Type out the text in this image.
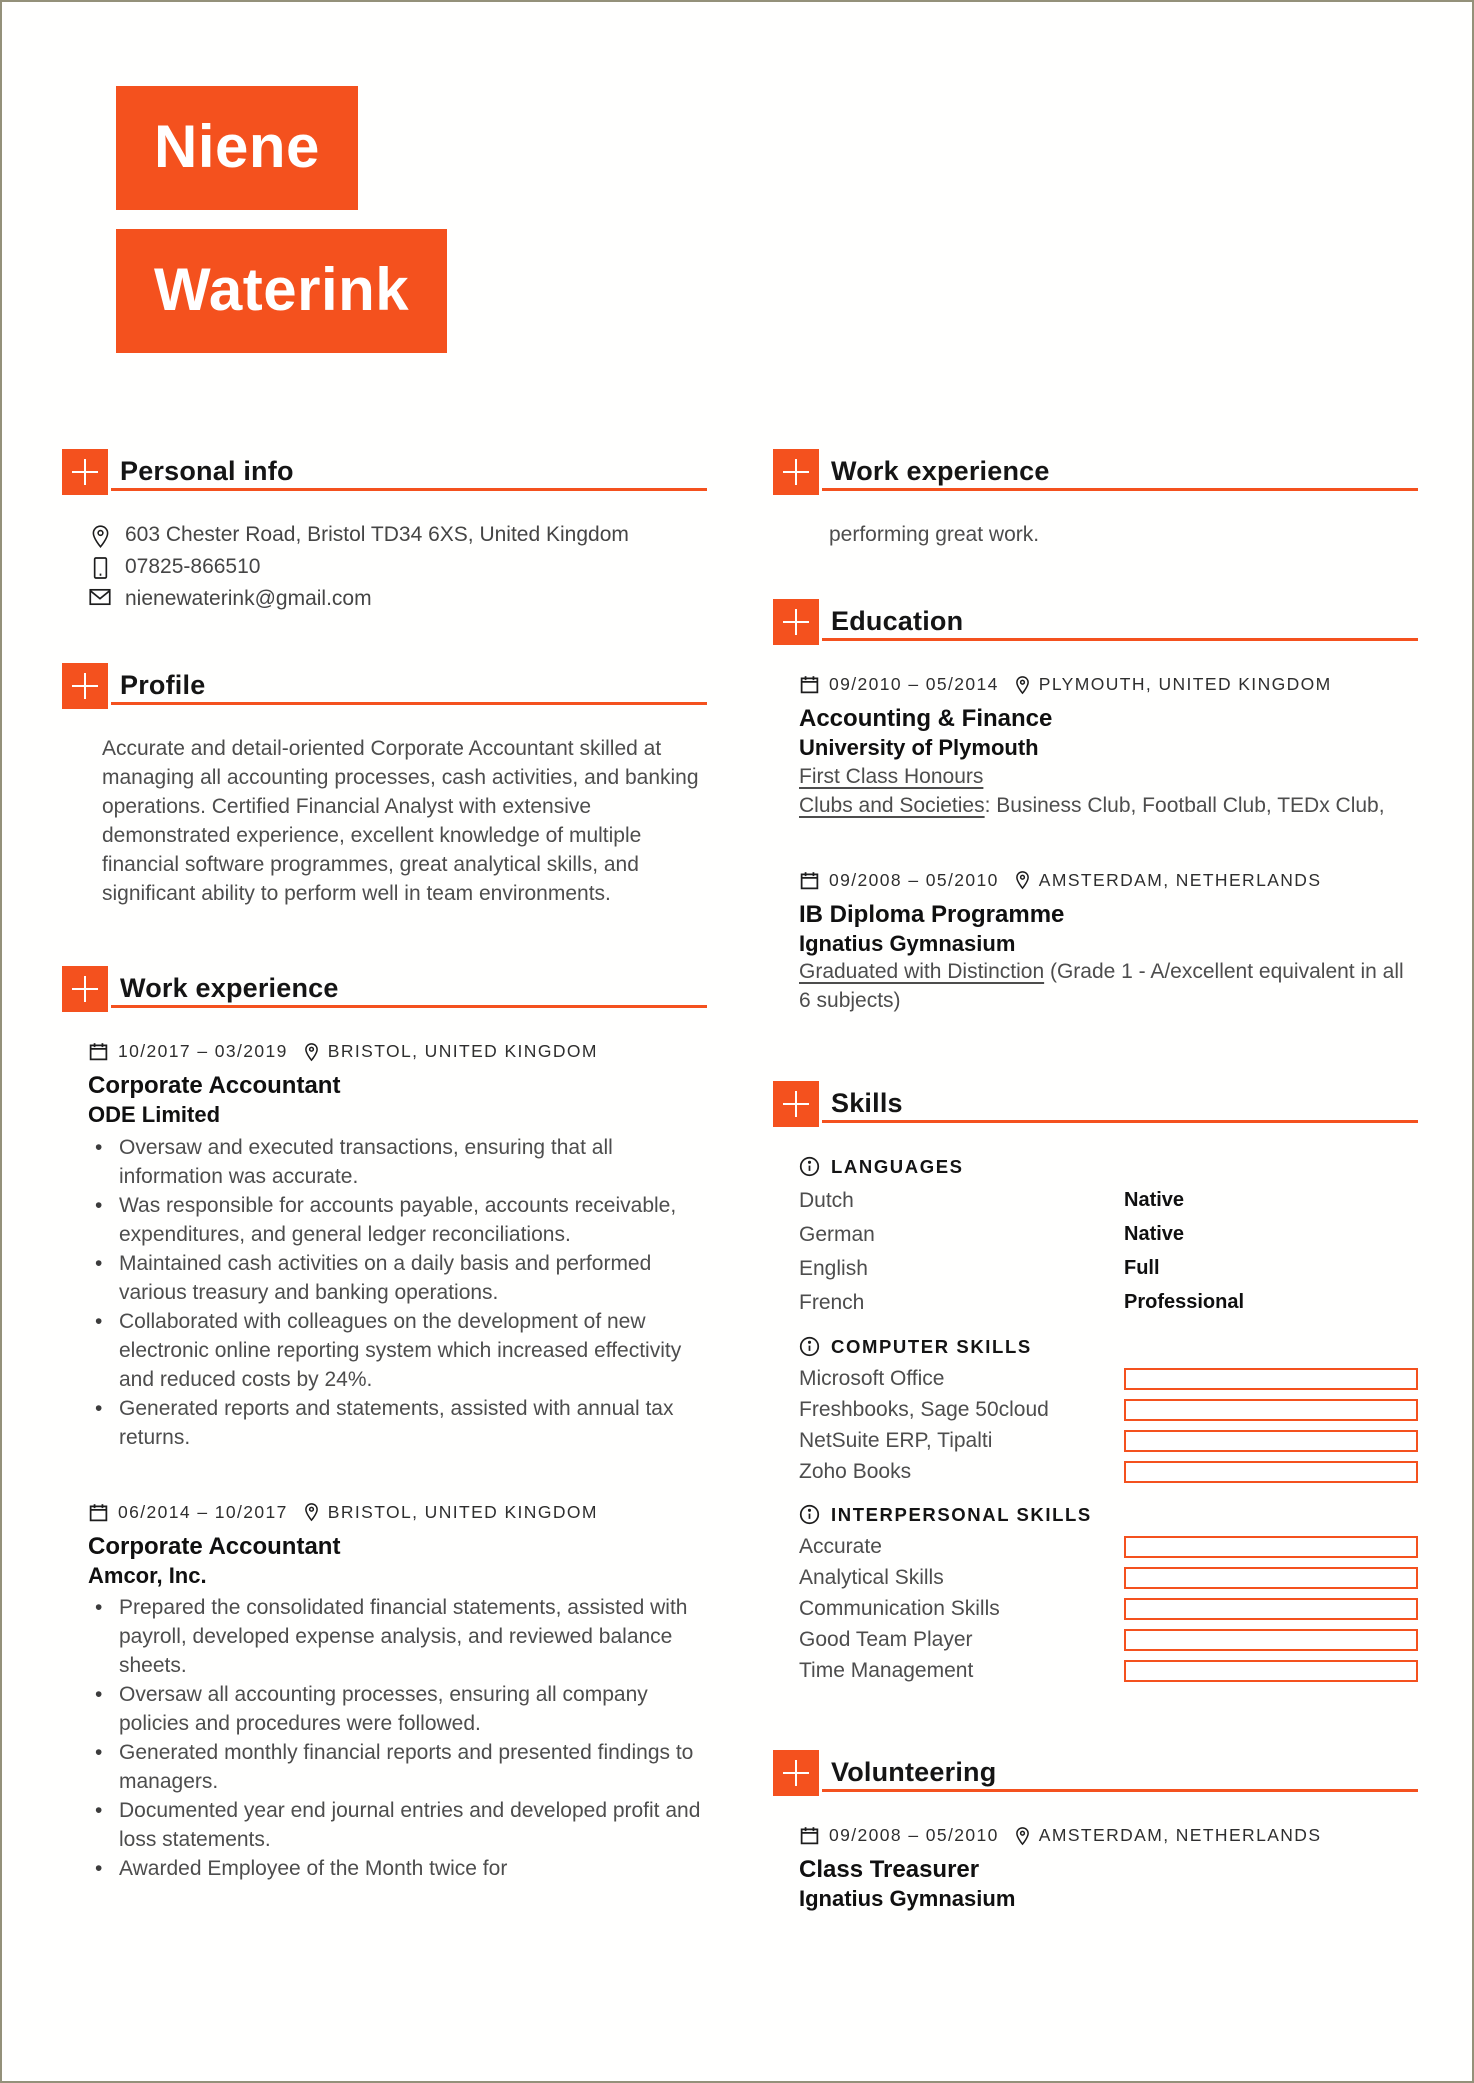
Niene
Waterink
Personal info
603 Chester Road, Bristol TD34 6XS, United Kingdom
07825-866510
nienewaterink@gmail.com
Profile

Accurate and detail-oriented Corporate Accountant skilled at managing all accounting processes, cash activities, and banking operations. Certified Financial Analyst with extensive demonstrated experience, excellent knowledge of multiple financial software programmes, great analytical skills, and significant ability to perform well in team environments.

Work experience
10/2017 – 03/2019 BRISTOL, UNITED KINGDOM
Corporate Accountant
ODE Limited
• Oversaw and executed transactions, ensuring that all information was accurate.
• Was responsible for accounts payable, accounts receivable, expenditures, and general ledger reconciliations.
• Maintained cash activities on a daily basis and performed various treasury and banking operations.
• Collaborated with colleagues on the development of new electronic online reporting system which increased effectivity and reduced costs by 24%.
• Generated reports and statements, assisted with annual tax returns.
06/2014 – 10/2017 BRISTOL, UNITED KINGDOM
Corporate Accountant
Amcor, Inc.
• Prepared the consolidated financial statements, assisted with payroll, developed expense analysis, and reviewed balance sheets.
• Oversaw all accounting processes, ensuring all company policies and procedures were followed.
• Generated monthly financial reports and presented findings to managers.
• Documented year end journal entries and developed profit and loss statements.
• Awarded Employee of the Month twice for
Work experience

performing great work.

Education
09/2010 – 05/2014 PLYMOUTH, UNITED KINGDOM
Accounting & Finance
University of Plymouth
First Class Honours
Clubs and Societies: Business Club, Football Club, TEDx Club,
09/2008 – 05/2010 AMSTERDAM, NETHERLANDS
IB Diploma Programme
Ignatius Gymnasium
Graduated with Distinction (Grade 1 - A/excellent equivalent in all 6 subjects)
Skills
LANGUAGES
Dutch	Native
German	Native
English	Full
French	Professional
COMPUTER SKILLS
Microsoft Office
Freshbooks, Sage 50cloud
NetSuite ERP, Tipalti
Zoho Books
INTERPERSONAL SKILLS
Accurate
Analytical Skills
Communication Skills
Good Team Player
Time Management
Volunteering
09/2008 – 05/2010 AMSTERDAM, NETHERLANDS
Class Treasurer
Ignatius Gymnasium
